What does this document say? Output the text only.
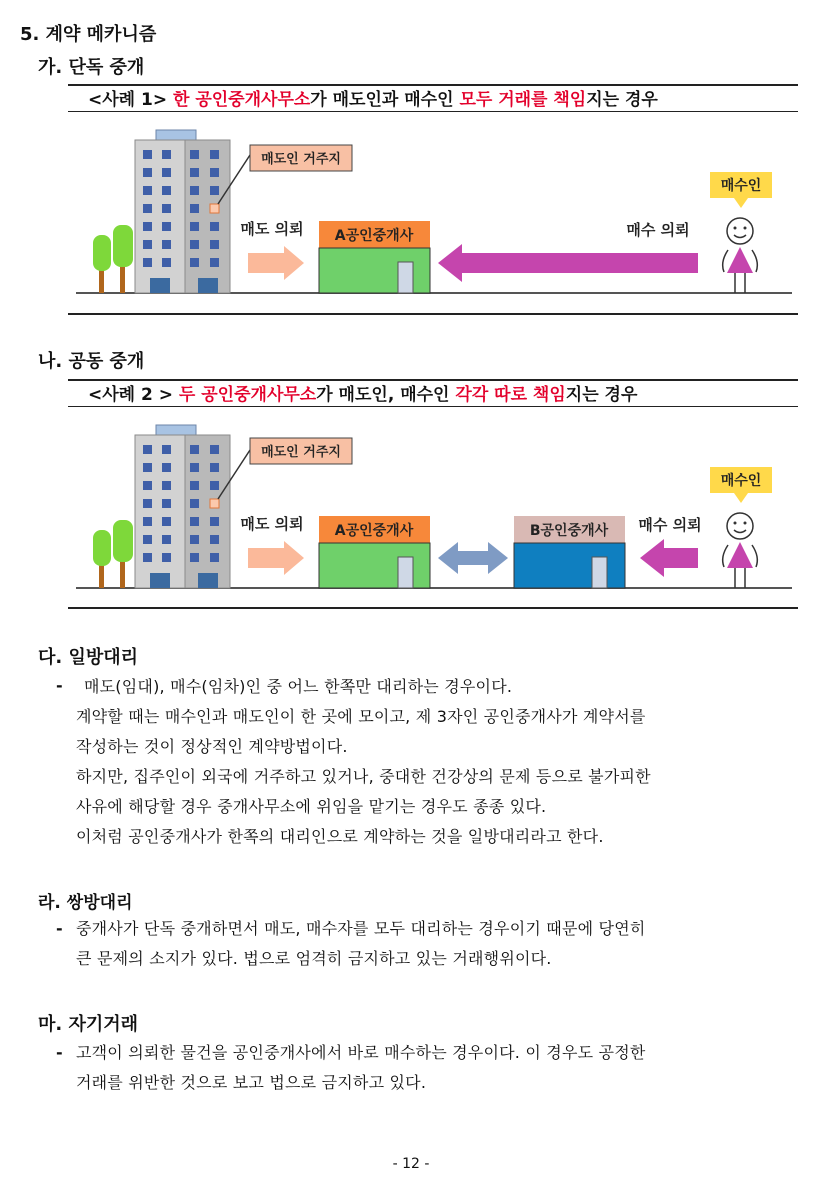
5. 계약 메카니즘
가. 단독 중개
<사례 1> 한 공인중개사무소가 매도인과 매수인 모두 거래를 책임지는 경우
매도인 거주지
매도 의뢰 A공인중개사	매수 의뢰
매수인
나. 공동 중개
<사례 2 > 두 공인중개사무소가 매도인, 매수인 각각 따로 책임지는 경우
매도인 거주지
매도 의뢰 A공인중개사	B공인중개사 매수 의뢰
매수인
다. 일방대리
- 매도(임대), 매수(임차)인 중 어느 한쪽만 대리하는 경우이다.
계약할 때는 매수인과 매도인이 한 곳에 모이고, 제 3자인 공인중개사가 계약서를
작성하는 것이 정상적인 계약방법이다.
하지만, 집주인이 외국에 거주하고 있거나, 중대한 건강상의 문제 등으로 불가피한
사유에 해당할 경우 중개사무소에 위임을 맡기는 경우도 종종 있다.
이처럼 공인중개사가 한쪽의 대리인으로 계약하는 것을 일방대리라고 한다.
라. 쌍방대리
- 중개사가 단독 중개하면서 매도, 매수자를 모두 대리하는 경우이기 때문에 당연히
큰 문제의 소지가 있다. 법으로 엄격히 금지하고 있는 거래행위이다.
마. 자기거래
- 고객이 의뢰한 물건을 공인중개사에서 바로 매수하는 경우이다. 이 경우도 공정한
거래를 위반한 것으로 보고 법으로 금지하고 있다.
- 12 -
